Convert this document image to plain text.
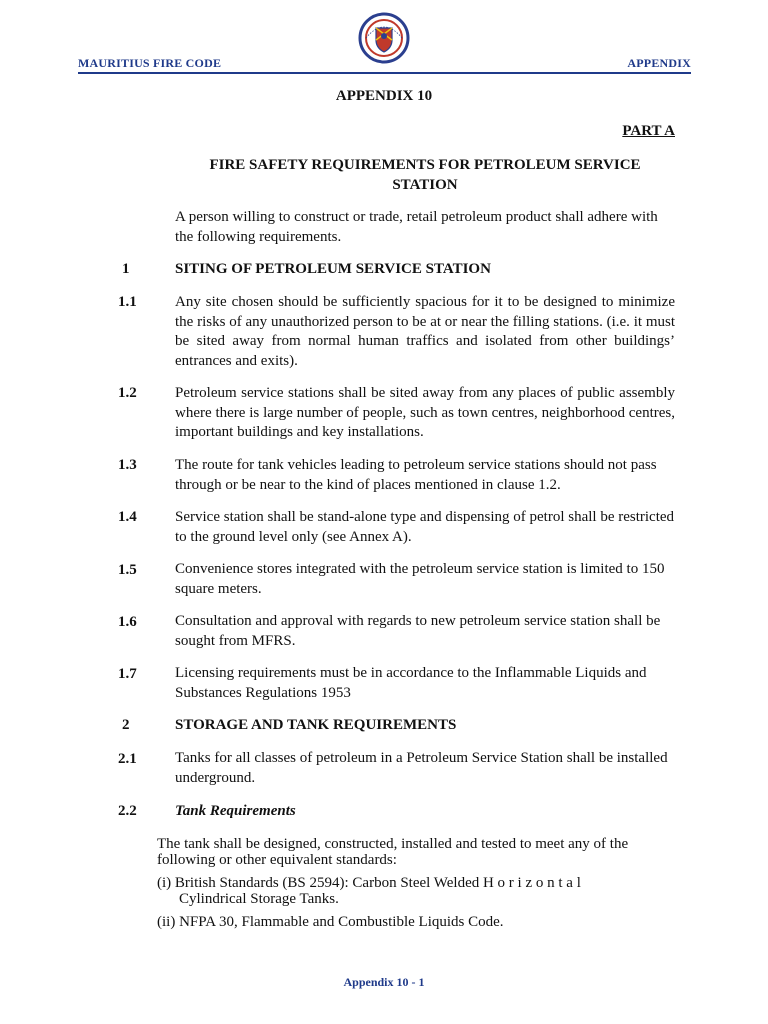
MAURITIUS FIRE CODE	APPENDIX
APPENDIX 10
PART A
FIRE SAFETY REQUIREMENTS FOR PETROLEUM SERVICE STATION
A person willing to construct or trade, retail petroleum product shall adhere with the following requirements.
1	SITING OF PETROLEUM SERVICE STATION
1.1	Any site chosen should be sufficiently spacious for it to be designed to minimize the risks of any unauthorized person to be at or near the filling stations. (i.e. it must be sited away from normal human traffics and isolated from other buildings’ entrances and exits).
1.2	Petroleum service stations shall be sited away from any places of public assembly where there is large number of people, such as town centres, neighborhood centres, important buildings and key installations.
1.3	The route for tank vehicles leading to petroleum service stations should not pass through or be near to the kind of places mentioned in clause 1.2.
1.4	Service station shall be stand-alone type and dispensing of petrol shall be restricted to the ground level only (see Annex A).
1.5	Convenience stores integrated with the petroleum service station is limited to 150 square meters.
1.6	Consultation and approval with regards to new petroleum service station shall be sought from MFRS.
1.7	Licensing requirements must be in accordance to the Inflammable Liquids and Substances Regulations 1953
2	STORAGE AND TANK REQUIREMENTS
2.1	Tanks for all classes of petroleum in a Petroleum Service Station shall be installed underground.
2.2	Tank Requirements
The tank shall be designed, constructed, installed and tested to meet any of the following or other equivalent standards:
(i) British Standards (BS 2594): Carbon Steel Welded H o r i z o n t a l
Cylindrical Storage Tanks.
(ii) NFPA 30, Flammable and Combustible Liquids Code.
Appendix 10 - 1
